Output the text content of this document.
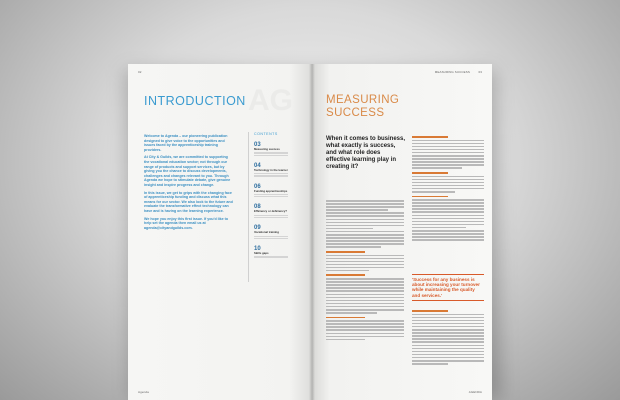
02
Agenda
AG
INTRODUCTION

Welcome to Agenda – our pioneering publication designed to give voice to the opportunities and issues faced by the apprenticeship training providers.

At City & Guilds, we are committed to supporting the vocational education sector; not through our range of products and support services, but by giving you the chance to discuss developments, challenges and changes relevant to you. Through Agenda we hope to stimulate debate, give genuine insight and inspire progress and change.

In this issue, we get to grips with the changing face of apprenticeship funding and discuss what this means for our sector. We also look to the future and evaluate the transformative effect technology can have and is having on the learning experience.

We hope you enjoy this first issue. If you'd like to help set the agenda then email us at agenda@cityandguilds.com.

CONTENTS
03
Measuring success
04
Technology in the learner
06
Funding apprenticeships
08
Efficiency or deficiency?
09
Vocational training
10
Skills gaps
03
MEASURING SUCCESS
AGENDA
MEASURING
SUCCESS
When it comes to business, what exactly is success, and what role does effective learning play in creating it?
'Success for any business is about increasing your turnover while maintaining the quality and services.'
